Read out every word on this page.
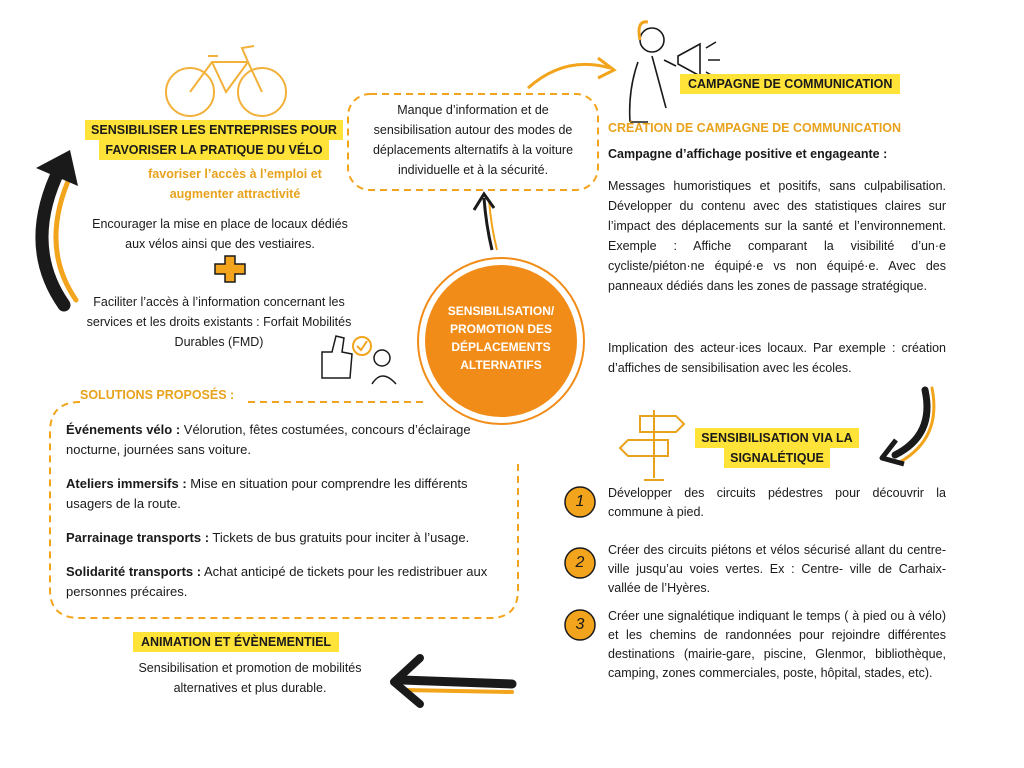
SENSIBILISATION/ PROMOTION DES DÉPLACEMENTS ALTERNATIFS
Manque d’information et de sensibilisation autour des modes de déplacements alternatifs à la voiture individuelle et à la sécurité.
SENSIBILISER LES ENTREPRISES POUR
FAVORISER LA PRATIQUE DU VÉLO
favoriser l’accès à l’emploi et augmenter attractivité
Encourager la mise en place de locaux dédiés aux vélos ainsi que des vestiaires.
Faciliter l’accès à l’information concernant les services et les droits existants : Forfait Mobilités Durables (FMD)
CAMPAGNE DE COMMUNICATION
CRÉATION DE CAMPAGNE DE COMMUNICATION
Campagne d’affichage positive et engageante :
Messages humoristiques et positifs, sans culpabilisation. Développer du contenu avec des statistiques claires sur l’impact des déplacements sur la santé et l’environnement. Exemple : Affiche comparant la visibilité d’un·e cycliste/piéton·ne équipé·e vs non équipé·e. Avec des panneaux dédiés dans les zones de passage stratégique.
Implication des acteur·ices locaux. Par exemple : création d’affiches de sensibilisation avec les écoles.
SOLUTIONS PROPOSÉS :
Événements vélo : Vélorution, fêtes costumées, concours d’éclairage nocturne, journées sans voiture.
Ateliers immersifs : Mise en situation pour comprendre les différents usagers de la route.
Parrainage transports : Tickets de bus gratuits pour inciter à l’usage.
Solidarité transports : Achat anticipé de tickets pour les redistribuer aux personnes précaires.
SENSIBILISATION VIA LA
SIGNALÉTIQUE
1
2
3
Développer des circuits pédestres pour découvrir la commune à pied.
Créer des circuits piétons et vélos sécurisé allant du centre-ville jusqu’au voies vertes. Ex : Centre- ville de Carhaix- vallée de l’Hyères.
Créer une signalétique indiquant le temps ( à pied ou à vélo) et les chemins de randonnées pour rejoindre différentes destinations (mairie-gare, piscine, Glenmor, bibliothèque, camping, zones commerciales, poste, hôpital, stades, etc).
ANIMATION ET ÉVÈNEMENTIEL
Sensibilisation et promotion de mobilités alternatives et plus durable.
